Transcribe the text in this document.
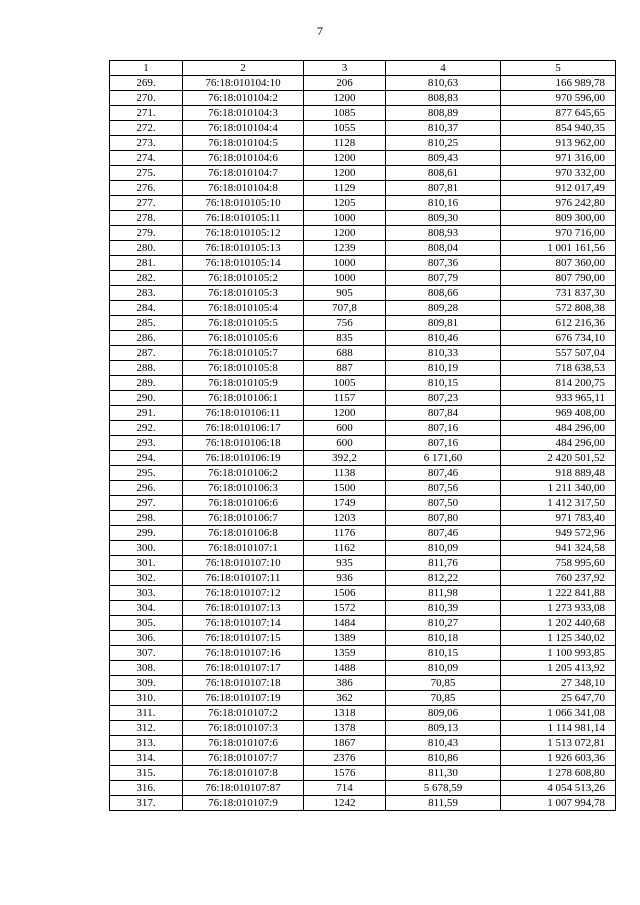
7
1	2	3	4	5
269.	76:18:010104:10	206	810,63	166 989,78
270.	76:18:010104:2	1200	808,83	970 596,00
271.	76:18:010104:3	1085	808,89	877 645,65
272.	76:18:010104:4	1055	810,37	854 940,35
273.	76:18:010104:5	1128	810,25	913 962,00
274.	76:18:010104:6	1200	809,43	971 316,00
275.	76:18:010104:7	1200	808,61	970 332,00
276.	76:18:010104:8	1129	807,81	912 017,49
277.	76:18:010105:10	1205	810,16	976 242,80
278.	76:18:010105:11	1000	809,30	809 300,00
279.	76:18:010105:12	1200	808,93	970 716,00
280.	76:18:010105:13	1239	808,04	1 001 161,56
281.	76:18:010105:14	1000	807,36	807 360,00
282.	76:18:010105:2	1000	807,79	807 790,00
283.	76:18:010105:3	905	808,66	731 837,30
284.	76:18:010105:4	707,8	809,28	572 808,38
285.	76:18:010105:5	756	809,81	612 216,36
286.	76:18:010105:6	835	810,46	676 734,10
287.	76:18:010105:7	688	810,33	557 507,04
288.	76:18:010105:8	887	810,19	718 638,53
289.	76:18:010105:9	1005	810,15	814 200,75
290.	76:18:010106:1	1157	807,23	933 965,11
291.	76:18:010106:11	1200	807,84	969 408,00
292.	76:18:010106:17	600	807,16	484 296,00
293.	76:18:010106:18	600	807,16	484 296,00
294.	76:18:010106:19	392,2	6 171,60	2 420 501,52
295.	76:18:010106:2	1138	807,46	918 889,48
296.	76:18:010106:3	1500	807,56	1 211 340,00
297.	76:18:010106:6	1749	807,50	1 412 317,50
298.	76:18:010106:7	1203	807,80	971 783,40
299.	76:18:010106:8	1176	807,46	949 572,96
300.	76:18:010107:1	1162	810,09	941 324,58
301.	76:18:010107:10	935	811,76	758 995,60
302.	76:18:010107:11	936	812,22	760 237,92
303.	76:18:010107:12	1506	811,98	1 222 841,88
304.	76:18:010107:13	1572	810,39	1 273 933,08
305.	76:18:010107:14	1484	810,27	1 202 440,68
306.	76:18:010107:15	1389	810,18	1 125 340,02
307.	76:18:010107:16	1359	810,15	1 100 993,85
308.	76:18:010107:17	1488	810,09	1 205 413,92
309.	76:18:010107:18	386	70,85	27 348,10
310.	76:18:010107:19	362	70,85	25 647,70
311.	76:18:010107:2	1318	809,06	1 066 341,08
312.	76:18:010107:3	1378	809,13	1 114 981,14
313.	76:18:010107:6	1867	810,43	1 513 072,81
314.	76:18:010107:7	2376	810,86	1 926 603,36
315.	76:18:010107:8	1576	811,30	1 278 608,80
316.	76:18:010107:87	714	5 678,59	4 054 513,26
317.	76:18:010107:9	1242	811,59	1 007 994,78
